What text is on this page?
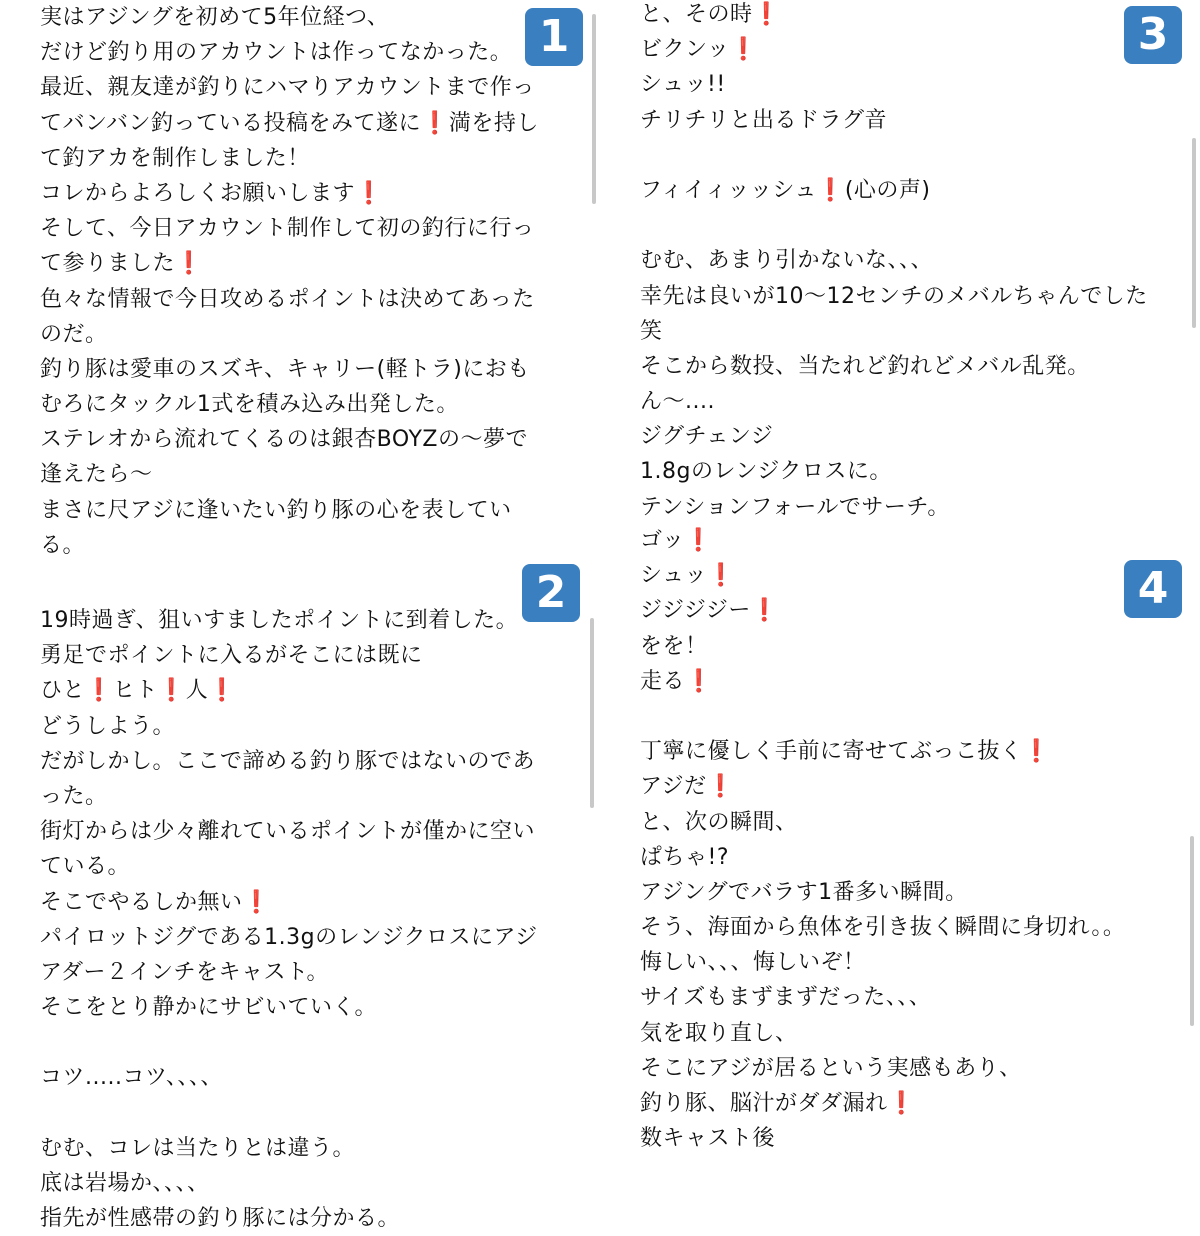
実はアジングを初めて5年位経つ、
だけど釣り用のアカウントは作ってなかった。
最近、親友達が釣りにハマりアカウントまで作っ
てバンバン釣っている投稿をみて遂に❗️満を持し
て釣アカを制作しました！
コレからよろしくお願いします❗️
そして、今日アカウント制作して初の釣行に行っ
て参りました❗️
色々な情報で今日攻めるポイントは決めてあった
のだ。
釣り豚は愛車のスズキ、キャリー(軽トラ)におも
むろにタックル1式を積み込み出発した。
ステレオから流れてくるのは銀杏BOYZの〜夢で
逢えたら〜
まさに尺アジに逢いたい釣り豚の心を表してい
る。
1	と、その時❗️
ビクンッ❗️
シュッ!!
チリチリと出るドラグ音

フィイィッッシュ❗️(心の声)

むむ、あまり引かないな、、、
幸先は良いが10〜12センチのメバルちゃんでした
笑
そこから数投、当たれど釣れどメバル乱発。
ん〜....
ジグチェンジ
1.8gのレンジクロスに。
テンションフォールでサーチ。
3
19時過ぎ、狙いすましたポイントに到着した。
勇足でポイントに入るがそこには既に
ひと❗️ヒト❗️人❗️
どうしよう。
だがしかし。ここで諦める釣り豚ではないのであ
った。
街灯からは少々離れているポイントが僅かに空い
ている。
そこでやるしか無い❗️
パイロットジグである1.3gのレンジクロスにアジ
アダー２インチをキャスト。
そこをとり静かにサビいていく。

コツ.....コツ、、、、

むむ、コレは当たりとは違う。
底は岩場か、、、、
指先が性感帯の釣り豚には分かる。
2
ゴッ❗️
シュッ❗️
ジジジジー❗️
をを！
走る❗️

丁寧に優しく手前に寄せてぶっこ抜く❗️
アジだ❗️
と、次の瞬間、
ぱちゃ!?
アジングでバラす1番多い瞬間。
そう、海面から魚体を引き抜く瞬間に身切れ。。
悔しい、、、悔しいぞ！
サイズもまずまずだった、、、
気を取り直し、
そこにアジが居るという実感もあり、
釣り豚、脳汁がダダ漏れ❗️
数キャスト後
4
